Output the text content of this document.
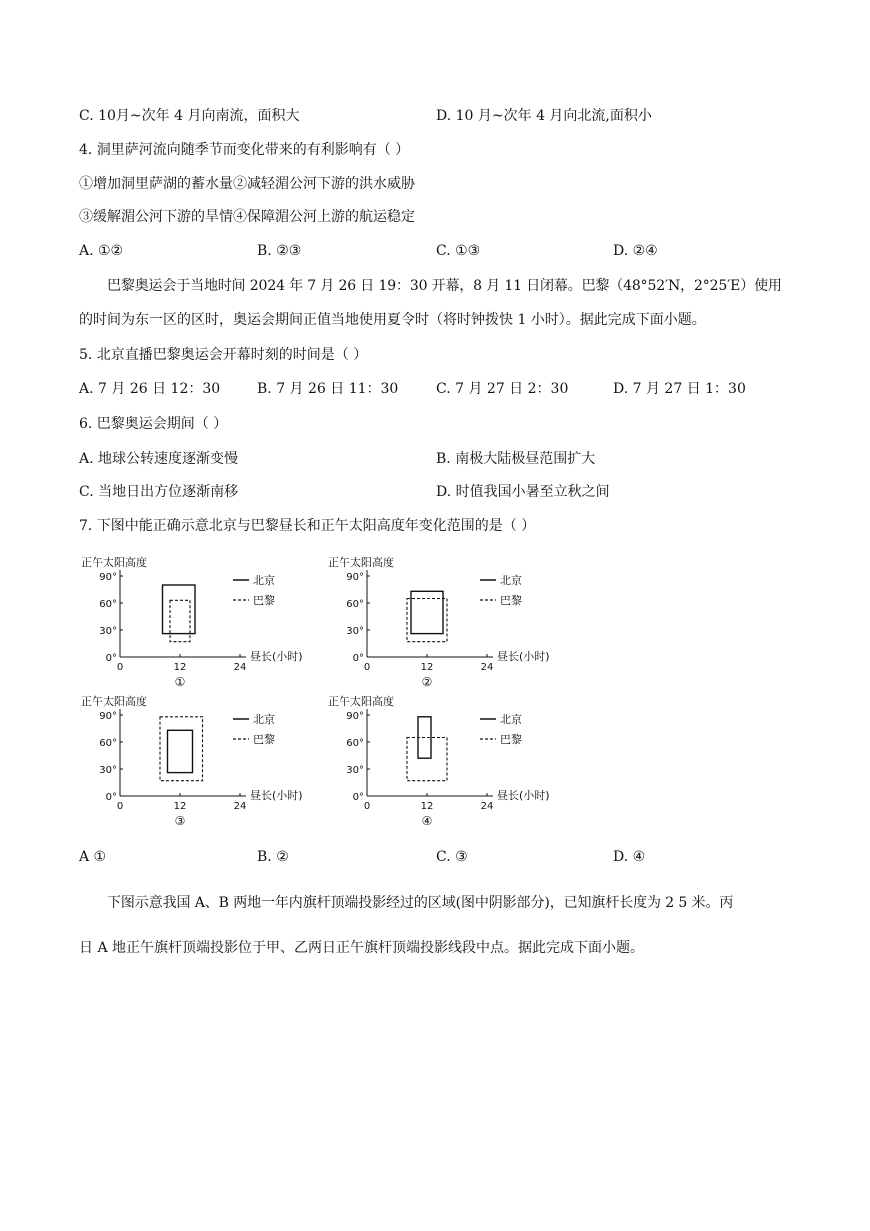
C. 10月~次年 4 月向南流，面积大	D. 10 月~次年 4 月向北流,面积小
4. 洞里萨河流向随季节而变化带来的有利影响有（ ）
①增加洞里萨湖的蓄水量②减轻湄公河下游的洪水威胁
③缓解湄公河下游的旱情④保障湄公河上游的航运稳定
A. ①②	B. ②③	C. ①③	D. ②④
巴黎奥运会于当地时间 2024 年 7 月 26 日 19：30 开幕，8 月 11 日闭幕。巴黎（48°52′N，2°25′E）使用
的时间为东一区的区时，奥运会期间正值当地使用夏令时（将时钟拨快 1 小时）。据此完成下面小题。
5. 北京直播巴黎奥运会开幕时刻的时间是（ ）
A. 7 月 26 日 12：30	B. 7 月 26 日 11：30	C. 7 月 27 日 2：30	D. 7 月 27 日 1：30
6. 巴黎奥运会期间（ ）
A. 地球公转速度逐渐变慢	B. 南极大陆极昼范围扩大
C. 当地日出方位逐渐南移	D. 时值我国小暑至立秋之间
7. 下图中能正确示意北京与巴黎昼长和正午太阳高度年变化范围的是（ ）
正午太阳高度
90°
60°
30°
0°
0	12	24
昼长(小时)
①
北京
巴黎
正午太阳高度
90°
60°
30°
0°
0	12	24
昼长(小时)
②
北京
巴黎
正午太阳高度
90°
60°
30°
0°
0	12	24
昼长(小时)
③
北京
巴黎
正午太阳高度
90°
60°
30°
0°
0	12	24
昼长(小时)
④
北京
巴黎
A ①	B. ②	C. ③	D. ④
下图示意我国 A、B 两地一年内旗杆顶端投影经过的区域(图中阴影部分)，已知旗杆长度为 2 5 米。丙
日 A 地正午旗杆顶端投影位于甲、乙两日正午旗杆顶端投影线段中点。据此完成下面小题。
